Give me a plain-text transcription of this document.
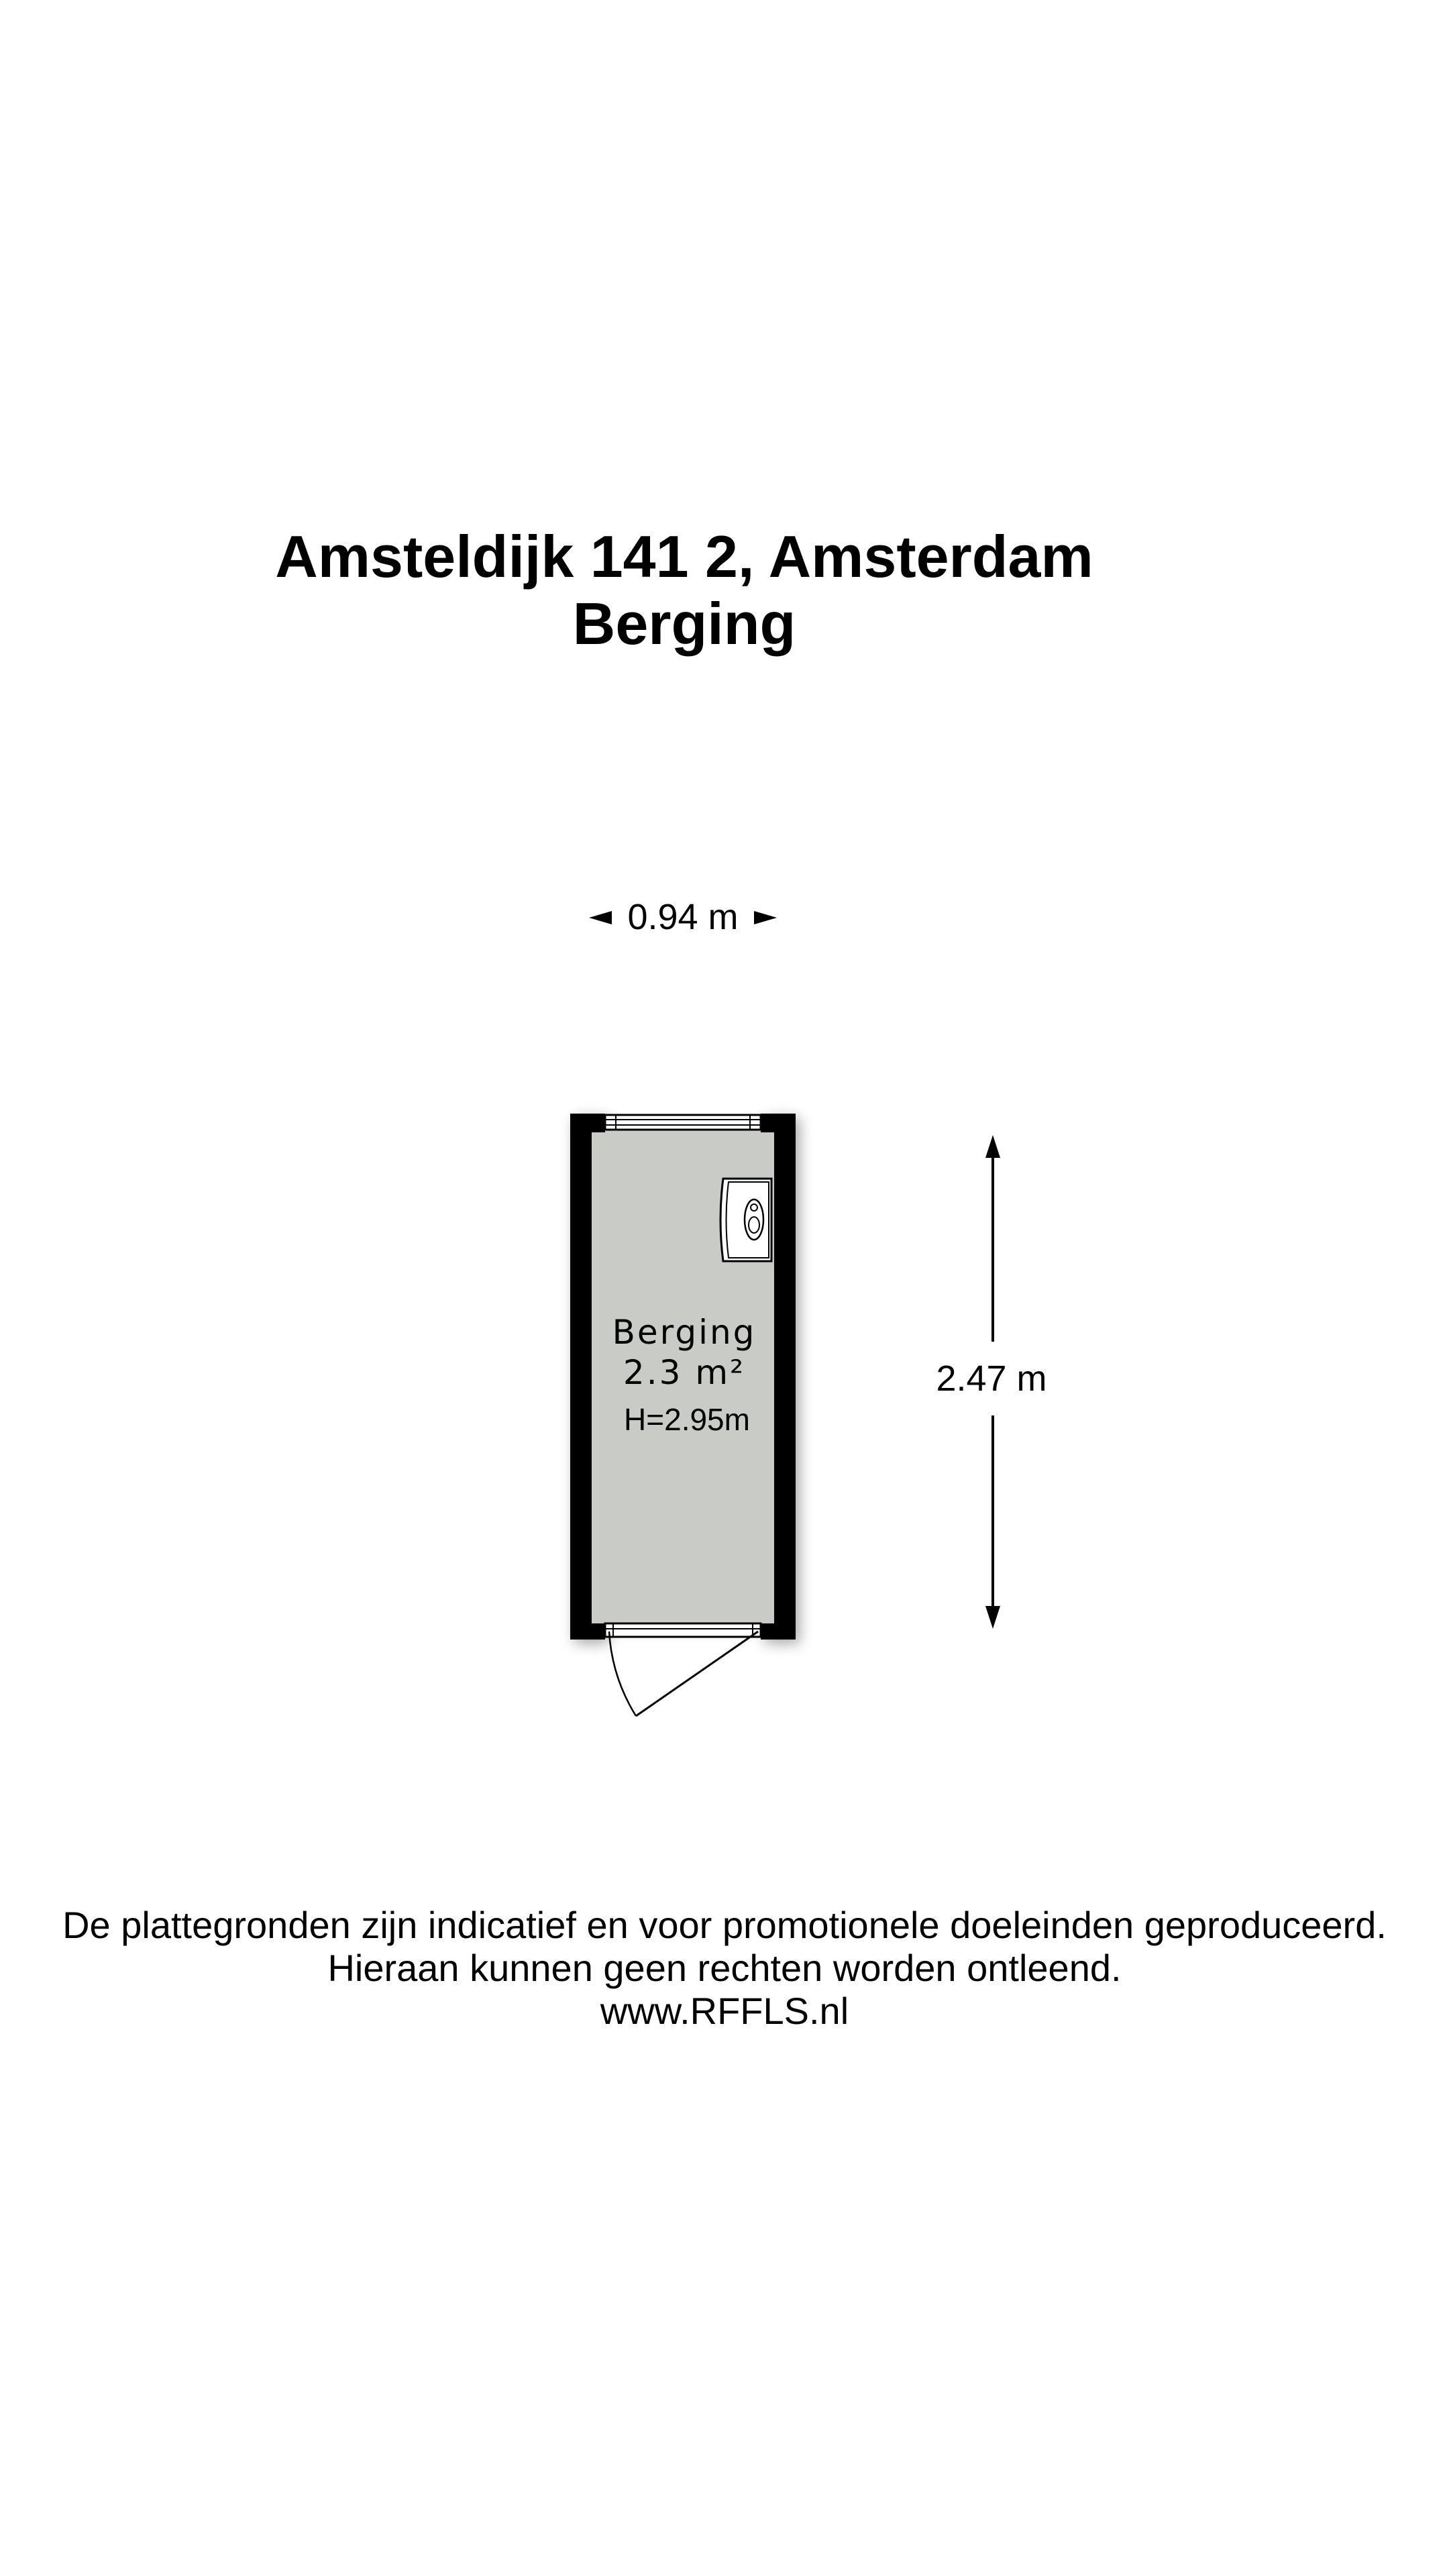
Amsteldijk 141 2, Amsterdam
Berging
0.94 m
Berging
2.3 m²
H=2.95m
2.47 m
De plattegronden zijn indicatief en voor promotionele doeleinden geproduceerd.
Hieraan kunnen geen rechten worden ontleend.
www.RFFLS.nl
